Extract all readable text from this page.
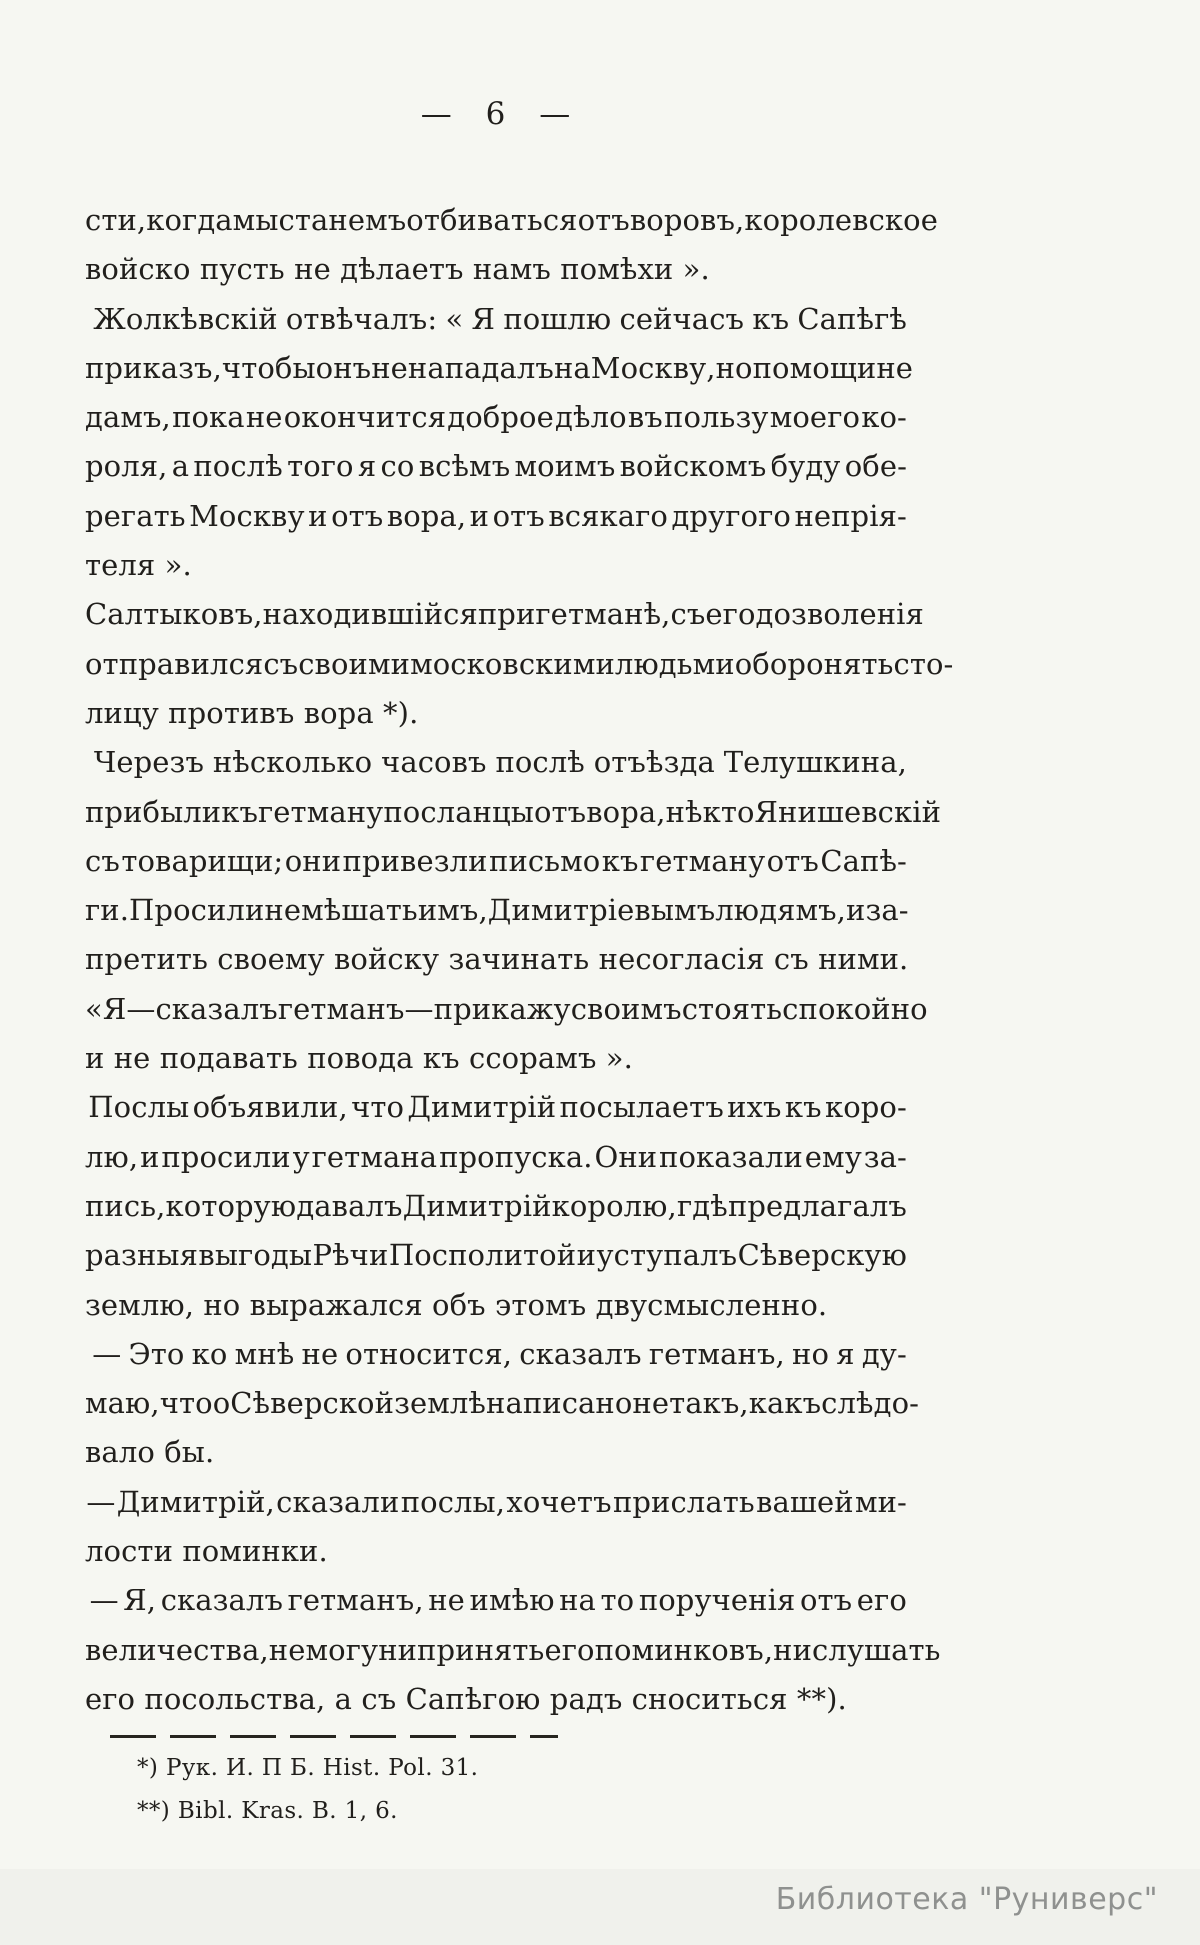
— 6 —
сти, когда мы станемъ отбиваться отъ воровъ, королевское
войско пусть не дѣлаетъ намъ помѣхи ».
Жолкѣвскій отвѣчалъ: « Я пошлю сейчасъ къ Сапѣгѣ
приказъ, чтобы онъ не нападалъ на Москву, но помощи не
дамъ, пока не окончится доброе дѣло въ пользу моего ко-
роля, а послѣ того я со всѣмъ моимъ войскомъ буду обе-
регать Москву и отъ вора, и отъ всякаго другого непрія-
теля ».
Салтыковъ, находившійся при гетманѣ, съ его дозволенія
отправился съ своими московскими людьми оборонять сто-
лицу противъ вора *).
Черезъ нѣсколько часовъ послѣ отъѣзда Телушкина,
прибыли къ гетману посланцы отъ вора, нѣкто Янишевскій
съ товарищи; они привезли письмо къ гетману отъ Сапѣ-
ги. Просили не мѣшать имъ, Димитріевымъ людямъ, и за-
претить своему войску зачинать несогласія съ ними.
« Я—сказалъ гетманъ—прикажу своимъ стоять спокойно
и не подавать повода къ ссорамъ ».
Послы объявили, что Димитрій посылаетъ ихъ къ коро-
лю, и просили у гетмана пропуска. Они показали ему за-
пись, которую давалъ Димитрій королю, гдѣ предлагалъ
разныя выгоды Рѣчи Посполитой и уступалъ Сѣверскую
землю, но выражался объ этомъ двусмысленно.
— Это ко мнѣ не относится, сказалъ гетманъ, но я ду-
маю, что о Сѣверской землѣ написано не такъ, какъ слѣдо-
вало бы.
— Димитрій, сказали послы, хочетъ прислать вашей ми-
лости поминки.
— Я, сказалъ гетманъ, не имѣю на то порученія отъ его
величества, не могу ни принять его поминковъ, ни слушать
его посольства, а съ Сапѣгою радъ сноситься **).
*) Рук. И. П Б. Hist. Pol. 31.
**) Bibl. Kras. B. 1, 6.
Библиотека "Руниверс"
